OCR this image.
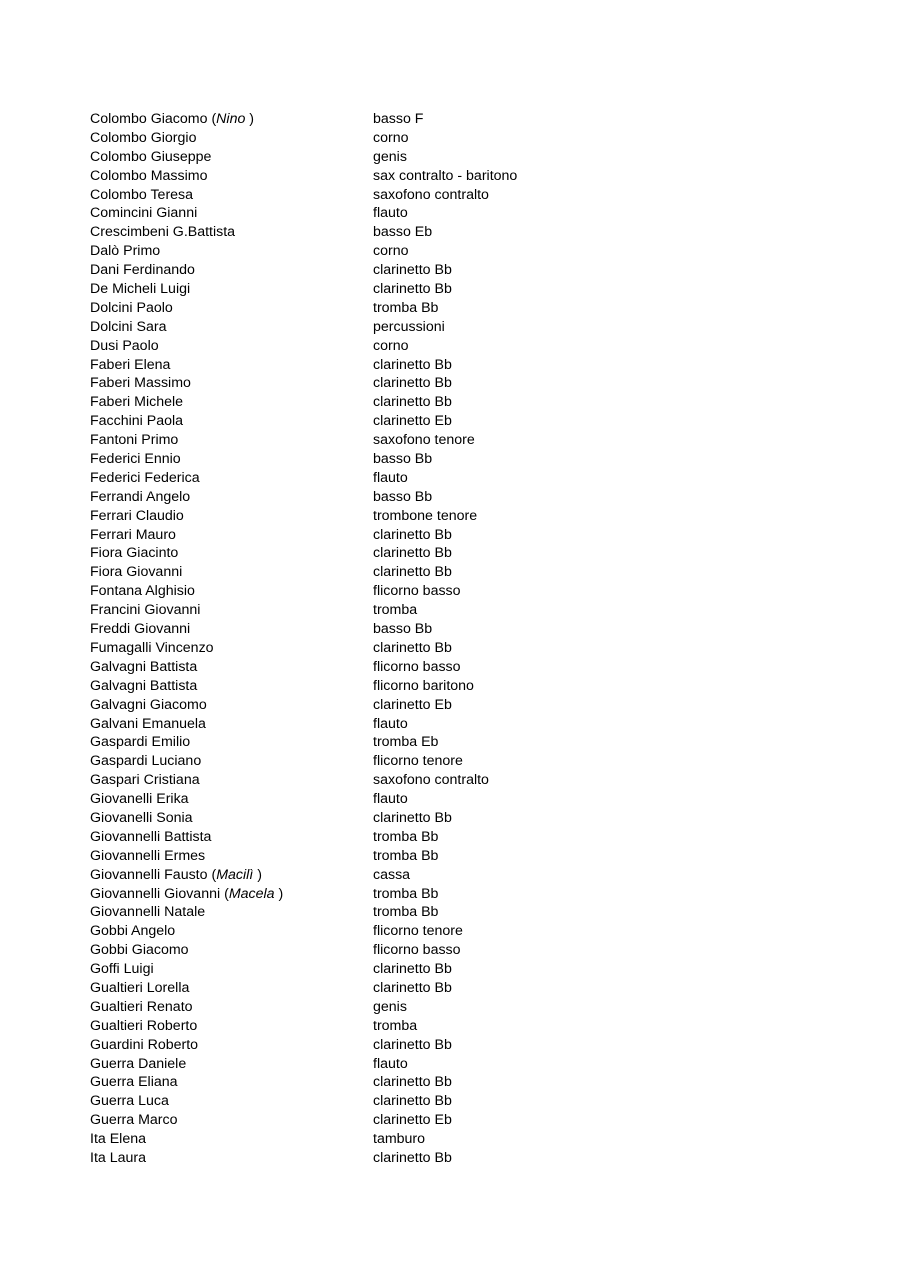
Colombo Giacomo (Nino )	basso F
Colombo Giorgio	corno
Colombo Giuseppe	genis
Colombo Massimo	sax contralto - baritono
Colombo Teresa	saxofono contralto
Comincini Gianni	flauto
Crescimbeni G.Battista	basso Eb
Dalò Primo	corno
Dani Ferdinando	clarinetto Bb
De Micheli Luigi	clarinetto Bb
Dolcini Paolo	tromba Bb
Dolcini Sara	percussioni
Dusi Paolo	corno
Faberi Elena	clarinetto Bb
Faberi Massimo	clarinetto Bb
Faberi Michele	clarinetto Bb
Facchini Paola	clarinetto Eb
Fantoni Primo	saxofono tenore
Federici Ennio	basso Bb
Federici Federica	flauto
Ferrandi Angelo	basso Bb
Ferrari Claudio	trombone tenore
Ferrari Mauro	clarinetto Bb
Fiora Giacinto	clarinetto Bb
Fiora Giovanni	clarinetto Bb
Fontana Alghisio	flicorno basso
Francini Giovanni	tromba
Freddi Giovanni	basso Bb
Fumagalli Vincenzo	clarinetto Bb
Galvagni Battista	flicorno basso
Galvagni Battista	flicorno baritono
Galvagni Giacomo	clarinetto Eb
Galvani Emanuela	flauto
Gaspardi Emilio	tromba Eb
Gaspardi Luciano	flicorno tenore
Gaspari Cristiana	saxofono contralto
Giovanelli Erika	flauto
Giovanelli Sonia	clarinetto Bb
Giovannelli Battista	tromba Bb
Giovannelli Ermes	tromba Bb
Giovannelli Fausto (Macilì )	cassa
Giovannelli Giovanni (Macela )	tromba Bb
Giovannelli Natale	tromba Bb
Gobbi Angelo	flicorno tenore
Gobbi Giacomo	flicorno basso
Goffi Luigi	clarinetto Bb
Gualtieri Lorella	clarinetto Bb
Gualtieri Renato	genis
Gualtieri Roberto	tromba
Guardini Roberto	clarinetto Bb
Guerra Daniele	flauto
Guerra Eliana	clarinetto Bb
Guerra Luca	clarinetto Bb
Guerra Marco	clarinetto Eb
Ita Elena	tamburo
Ita Laura	clarinetto Bb
